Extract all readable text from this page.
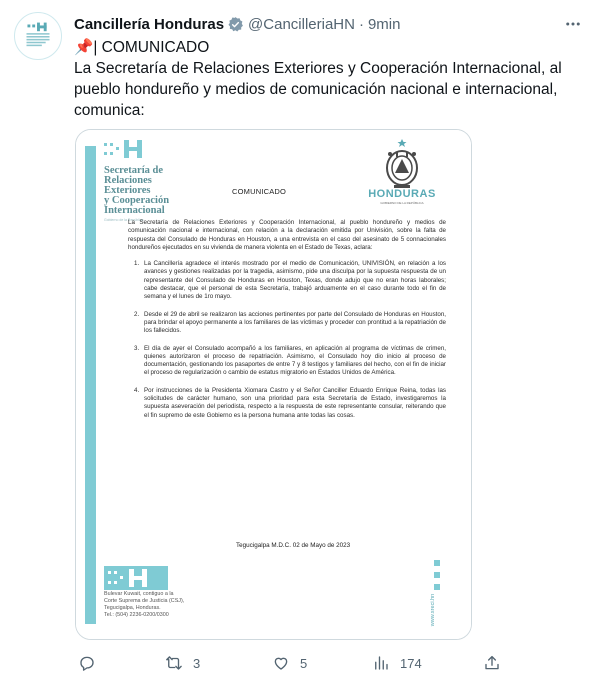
Cancillería Honduras @CancilleriaHN · 9min
📌| COMUNICADO
La Secretaría de Relaciones Exteriores y Cooperación Internacional, al
pueblo hondureño y medios de comunicación nacional e internacional,
comunica:
Secretaría de
Relaciones
Exteriores
y Cooperación
Internacional
Gobierno de la República
COMUNICADO	HONDURAS
GOBIERNO DE LA REPÚBLICA

La Secretaría de Relaciones Exteriores y Cooperación Internacional, al pueblo hondureño y medios de comunicación nacional e internacional, con relación a la declaración emitida por Univisión, sobre la falta de respuesta del Consulado de Honduras en Houston, a una entrevista en el caso del asesinato de 5 connacionales hondureños ejecutados en su vivienda de manera violenta en el Estado de Texas, aclara:

1. La Cancillería agradece el interés mostrado por el medio de Comunicación, UNIVISIÓN, en relación a los avances y gestiones realizadas por la tragedia, asimismo, pide una disculpa por la supuesta respuesta de un representante del Consulado de Honduras en Houston, Texas, donde adujo que no eran horas laborales; cabe destacar, que el personal de esta Secretaría, trabajó arduamente en el caso durante todo el fin de semana y el lunes de 1ro mayo.

2. Desde el 29 de abril se realizaron las acciones pertinentes por parte del Consulado de Honduras en Houston, para brindar el apoyo permanente a los familiares de las víctimas y proceder con prontitud a la repatriación de los fallecidos.

3. El día de ayer el Consulado acompañó a los familiares, en aplicación al programa de víctimas de crimen, quienes autorizaron el proceso de repatriación. Asimismo, el Consulado hoy dio inicio al proceso de documentación, gestionando los pasaportes de entre 7 y 8 testigos y familiares del hecho, con el fin de iniciar el proceso de regularización o cambio de estatus migratorio en Estados Unidos de América.

4. Por instrucciones de la Presidenta Xiomara Castro y el Señor Canciller Eduardo Enrique Reina, todas las solicitudes de carácter humano, son una prioridad para esta Secretaría de Estado, investigaremos la supuesta aseveración del periodista, respecto a la respuesta de este representante consular, reiterando que el fin supremo de este Gobierno es la persona humana ante todas las cosas.

Tegucigalpa M.D.C. 02 de Mayo de 2023
Bulevar Kuwait, contiguo a la
Corte Suprema de Justicia (CSJ),
Tegucigalpa, Honduras.
Tel.: (504) 2236-0200/0300	www.sreci.hn
3	5	174
